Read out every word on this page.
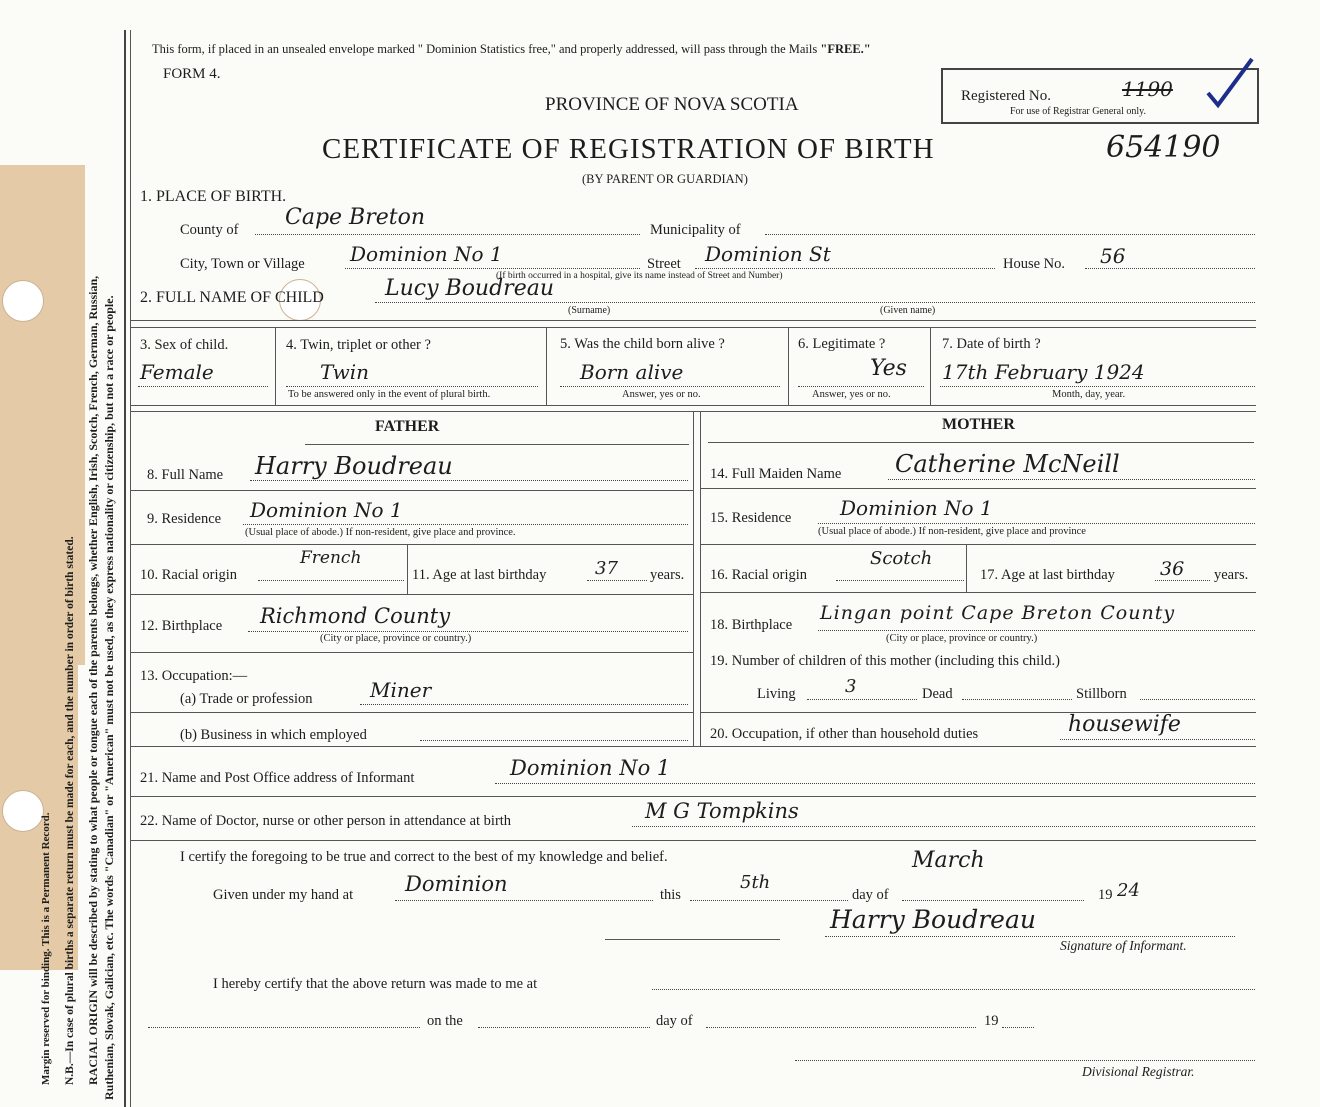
Margin reserved for binding. This is a Permanent Record. N.B.—In case of plural births a separate return must be made for each, and the number in order of birth stated. RACIAL ORIGIN will be described by stating to what people or tongue each of the parents belongs, whether English, Irish, Scotch, French, German, Russian, Ruthenian, Slovak, Galician, etc. The words "Canadian" or "American" must not be used, as they express nationality or citizenship, but not a race or people.
This form, if placed in an unsealed envelope marked " Dominion Statistics free," and properly addressed, will pass through the Mails "FREE."
FORM 4.
PROVINCE OF NOVA SCOTIA
CERTIFICATE OF REGISTRATION OF BIRTH
(BY PARENT OR GUARDIAN)
Registered No.	1190
For use of Registrar General only.
654190
1. PLACE OF BIRTH.
County of Cape Breton	Municipality of
City, Town or Village Dominion No 1	Street Dominion St	House No. 56
(If birth occurred in a hospital, give its name instead of Street and Number)
2. FULL NAME OF CHILD	Lucy Boudreau
(Surname)	(Given name)
3. Sex of child.
Female
4. Twin, triplet or other ?
Twin
To be answered only in the event of plural birth.
5. Was the child born alive ?
Born alive
Answer, yes or no.
6. Legitimate ?
Yes
Answer, yes or no.
7. Date of birth ?
17th February 1924
Month, day, year.
FATHER	MOTHER
8. Full Name Harry Boudreau
9. Residence Dominion No 1
(Usual place of abode.) If non-resident, give place and province.
10. Racial origin
French
11. Age at last birthday	37 years.
12. Birthplace Richmond County
(City or place, province or country.)
13. Occupation:—
(a) Trade or profession	Miner
(b) Business in which employed
14. Full Maiden Name Catherine McNeill
15. Residence Dominion No 1
(Usual place of abode.) If non-resident, give place and province
16. Racial origin
Scotch
17. Age at last birthday 36 years.
18. Birthplace
Lingan point Cape Breton County
(City or place, province or country.)
19. Number of children of this mother (including this child.)
Living	3	Dead	Stillborn
20. Occupation, if other than household duties	housewife
21. Name and Post Office address of Informant	Dominion No 1
22. Name of Doctor, nurse or other person in attendance at birth	M G Tompkins
I certify the foregoing to be true and correct to the best of my knowledge and belief.
Given under my hand at Dominion	this
5th
day of
March
19 24
Harry Boudreau
Signature of Informant.
I hereby certify that the above return was made to me at
on the	day of	19
Divisional Registrar.
